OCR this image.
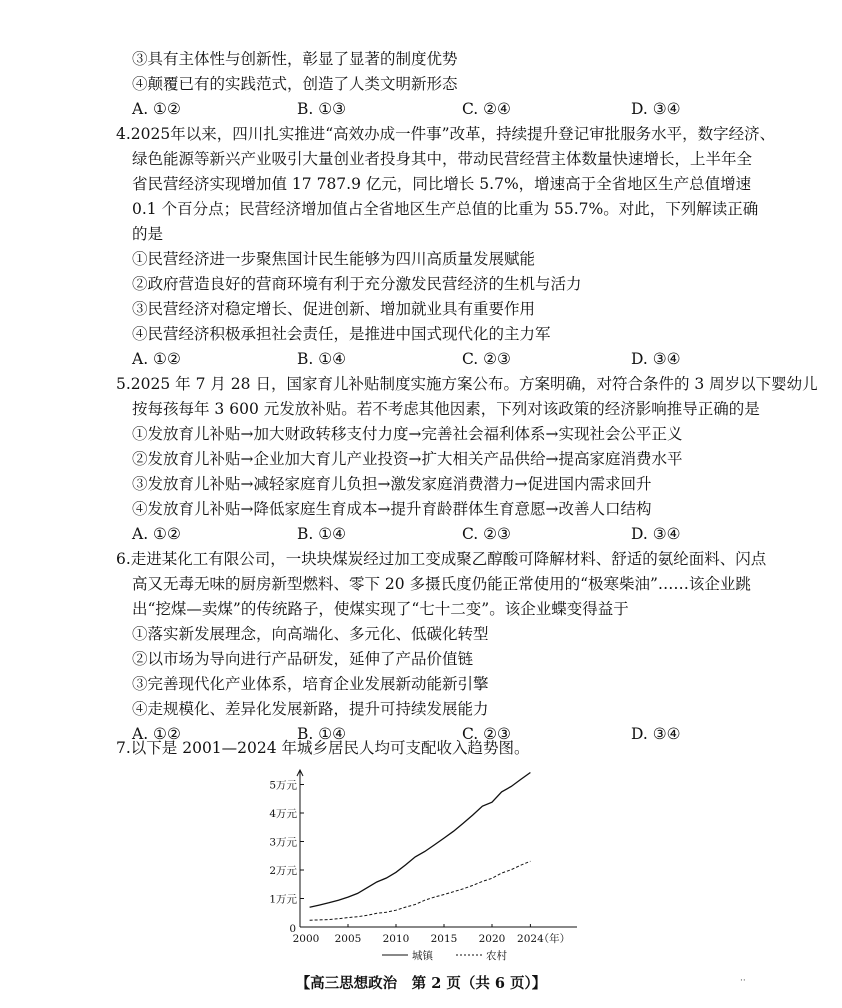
③具有主体性与创新性，彰显了显著的制度优势
④颠覆已有的实践范式，创造了人类文明新形态
A. ①②	B. ①③	C. ②④	D. ③④
4.2025年以来，四川扎实推进“高效办成一件事”改革，持续提升登记审批服务水平，数字经济、
绿色能源等新兴产业吸引大量创业者投身其中，带动民营经营主体数量快速增长，上半年全
省民营经济实现增加值 17 787.9 亿元，同比增长 5.7%，增速高于全省地区生产总值增速
0.1 个百分点；民营经济增加值占全省地区生产总值的比重为 55.7%。对此，下列解读正确
的是
①民营经济进一步聚焦国计民生能够为四川高质量发展赋能
②政府营造良好的营商环境有利于充分激发民营经济的生机与活力
③民营经济对稳定增长、促进创新、增加就业具有重要作用
④民营经济积极承担社会责任，是推进中国式现代化的主力军
A. ①②	B. ①④	C. ②③	D. ③④
5.2025 年 7 月 28 日，国家育儿补贴制度实施方案公布。方案明确，对符合条件的 3 周岁以下婴幼儿
按每孩每年 3 600 元发放补贴。若不考虑其他因素，下列对该政策的经济影响推导正确的是
①发放育儿补贴→加大财政转移支付力度→完善社会福利体系→实现社会公平正义
②发放育儿补贴→企业加大育儿产业投资→扩大相关产品供给→提高家庭消费水平
③发放育儿补贴→减轻家庭育儿负担→激发家庭消费潜力→促进国内需求回升
④发放育儿补贴→降低家庭生育成本→提升育龄群体生育意愿→改善人口结构
A. ①②	B. ①④	C. ②③	D. ③④
6.走进某化工有限公司，一块块煤炭经过加工变成聚乙醇酸可降解材料、舒适的氨纶面料、闪点
高又无毒无味的厨房新型燃料、零下 20 多摄氏度仍能正常使用的“极寒柴油”……该企业跳
出“挖煤—卖煤”的传统路子，使煤实现了“七十二变”。该企业蝶变得益于
①落实新发展理念，向高端化、多元化、低碳化转型
②以市场为导向进行产品研发，延伸了产品价值链
③完善现代化产业体系，培育企业发展新动能新引擎
④走规模化、差异化发展新路，提升可持续发展能力
A. ①②	B. ①④	C. ②③	D. ③④
7.以下是 2001—2024 年城乡居民人均可支配收入趋势图。
1万元
2万元
3万元
4万元
5万元
0
2000 2005 2010 2015 2020 2024
（年）
城镇	农村
【高三思想政治　第 2 页（共 6 页）】	··
